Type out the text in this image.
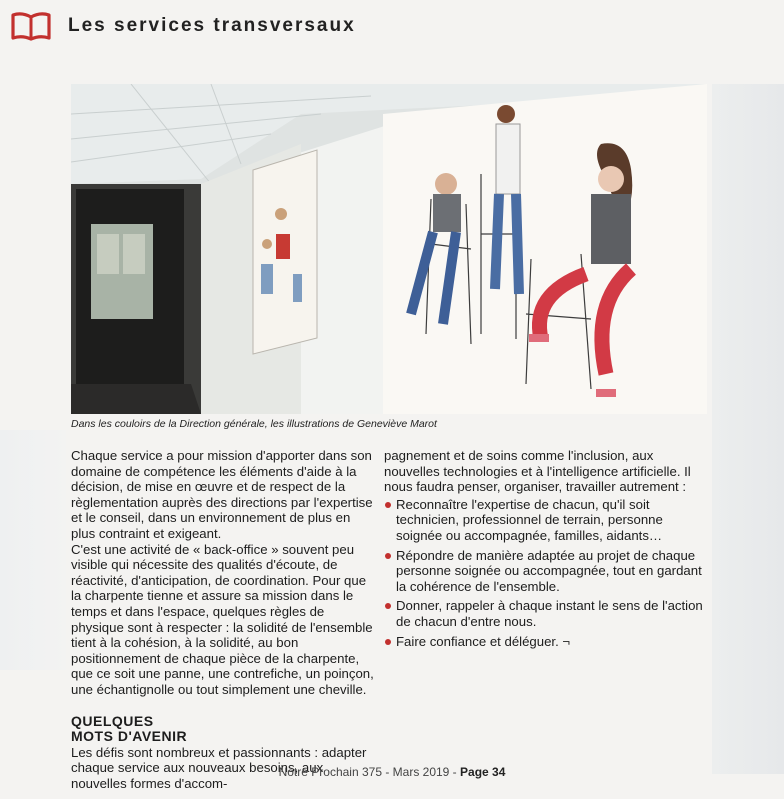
Les services transversaux
Dans les couloirs de la Direction générale, les illustrations de Geneviève Marot

Chaque service a pour mission d'apporter dans son domaine de compétence les éléments d'aide à la décision, de mise en œuvre et de respect de la règlementation auprès des directions par l'expertise et le conseil, dans un environnement de plus en plus contraint et exigeant.

C'est une activité de « back-office » souvent peu visible qui nécessite des qualités d'écoute, de réactivité, d'anticipation, de coordination. Pour que la charpente tienne et assure sa mission dans le temps et dans l'espace, quelques règles de physique sont à respecter : la solidité de l'ensemble tient à la cohésion, à la solidité, au bon positionnement de chaque pièce de la charpente, que ce soit une panne, une contrefiche, un poinçon, une échantignolle ou tout simplement une cheville.

QUELQUES
MOTS D'AVENIR

Les défis sont nombreux et passionnants : adapter chaque service aux nouveaux besoins, aux nouvelles formes d'accom-

pagnement et de soins comme l'inclusion, aux nouvelles technologies et à l'intelligence artificielle. Il nous faudra penser, organiser, travailler autrement :

Reconnaître l'expertise de chacun, qu'il soit technicien, professionnel de terrain, personne soignée ou accompagnée, familles, aidants…
Répondre de manière adaptée au projet de chaque personne soignée ou accompagnée, tout en gardant la cohérence de l'ensemble.
Donner, rappeler à chaque instant le sens de l'action de chacun d'entre nous.
Faire confiance et déléguer. ¬
Notre Prochain 375 - Mars 2019 - Page 34
